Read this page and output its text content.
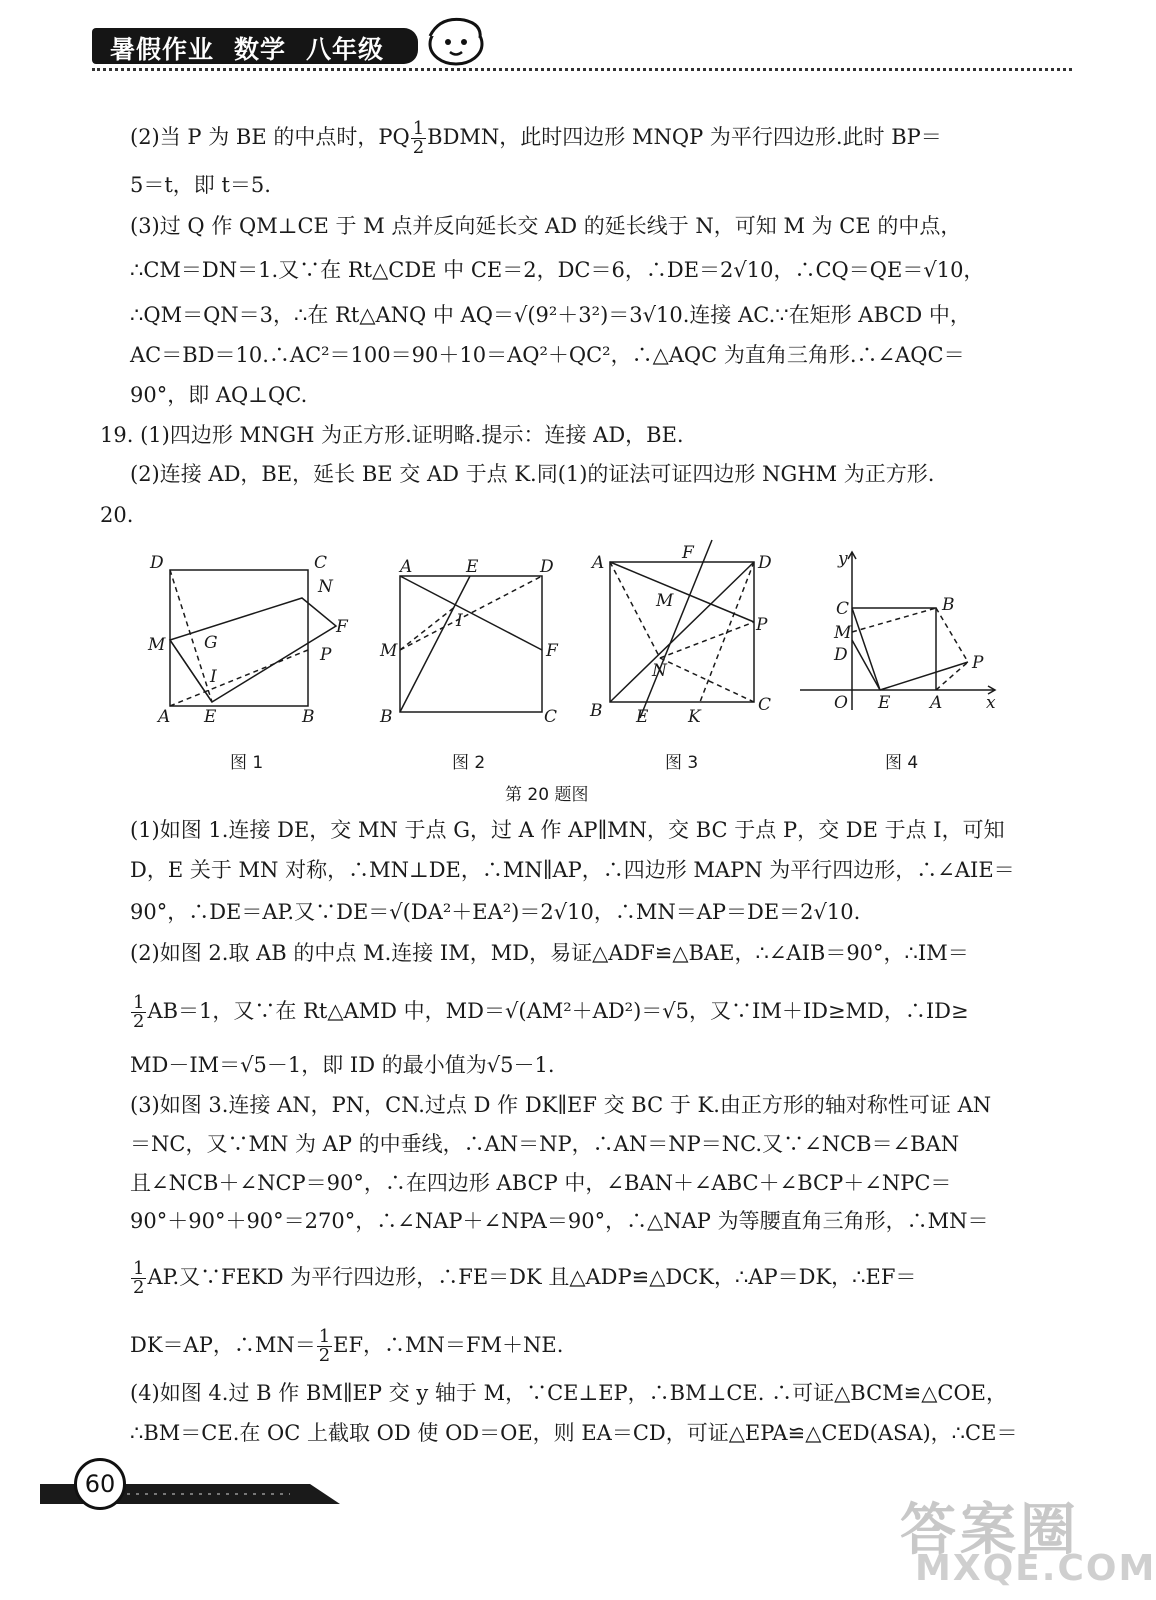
暑假作业 数学 八年级
(2)当 P 为 BE 的中点时，PQ $\frac{1}{2}$ BDMN，此时四边形 MNQP 为平行四边形.此时 BP＝
5＝t，即 t＝5.
(3)过 Q 作 QM⊥CE 于 M 点并反向延长交 AD 的延长线于 N，可知 M 为 CE 的中点，
∴CM＝DN＝1.又∵在 Rt△CDE 中 CE＝2，DC＝6，∴DE＝2√10，∴CQ＝QE＝√10，
∴QM＝QN＝3，∴在 Rt△ANQ 中 AQ＝√(9²＋3²)＝3√10.连接 AC.∵在矩形 ABCD 中，
AC＝BD＝10.∴AC²＝100＝90＋10＝AQ²＋QC²，∴△AQC 为直角三角形.∴∠AQC＝
90°，即 AQ⊥QC.
19. (1)四边形 MNGH 为正方形.证明略.提示：连接 AD，BE.
(2)连接 AD，BE，延长 BE 交 AD 于点 K.同(1)的证法可证四边形 NGHM 为正方形.
20.
D	C
N
F
M G
P
I
A E	B
A	E	D
I
M	F
B	C
A	F	D
M
P
N
B E K
C
y
C	B
M
D	P
O E A	x
图 1	图 2	图 3	图 4
第 20 题图
(1)如图 1.连接 DE，交 MN 于点 G，过 A 作 AP∥MN，交 BC 于点 P，交 DE 于点 I，可知
D，E 关于 MN 对称，∴MN⊥DE，∴MN∥AP，∴四边形 MAPN 为平行四边形，∴∠AIE＝
90°，∴DE＝AP.又∵DE＝√(DA²＋EA²)＝2√10，∴MN＝AP＝DE＝2√10.
(2)如图 2.取 AB 的中点 M.连接 IM，MD，易证△ADF≌△BAE，∴∠AIB＝90°，∴IM＝
$\frac{1}{2} AB=1$，又∵在 Rt△AMD 中，MD＝√(AM²＋AD²)＝√5，又∵IM＋ID≥MD，∴ID≥
MD－IM＝√5－1，即 ID 的最小值为√5－1.
(3)如图 3.连接 AN，PN，CN.过点 D 作 DK∥EF 交 BC 于 K.由正方形的轴对称性可证 AN
＝NC，又∵MN 为 AP 的中垂线，∴AN＝NP，∴AN＝NP＝NC.又∵∠NCB＝∠BAN
且∠NCB＋∠NCP＝90°，∴在四边形 ABCP 中，∠BAN＋∠ABC＋∠BCP＋∠NPC＝
90°＋90°＋90°＝270°，∴∠NAP＋∠NPA＝90°，∴△NAP 为等腰直角三角形，∴MN＝
$\frac{1}{2}$ AP.又∵FEKD 为平行四边形，∴FE＝DK 且△ADP≌△DCK，∴AP＝DK，∴EF＝
DK＝AP，∴MN＝ $\frac{1}{2}$ EF，∴MN＝FM＋NE.
(4)如图 4.过 B 作 BM∥EP 交 y 轴于 M，∵CE⊥EP，∴BM⊥CE. ∴可证△BCM≌△COE，
∴BM＝CE.在 OC 上截取 OD 使 OD＝OE，则 EA＝CD，可证△EPA≌△CED(ASA)，∴CE＝
60
答案圈
MXQE.COM
